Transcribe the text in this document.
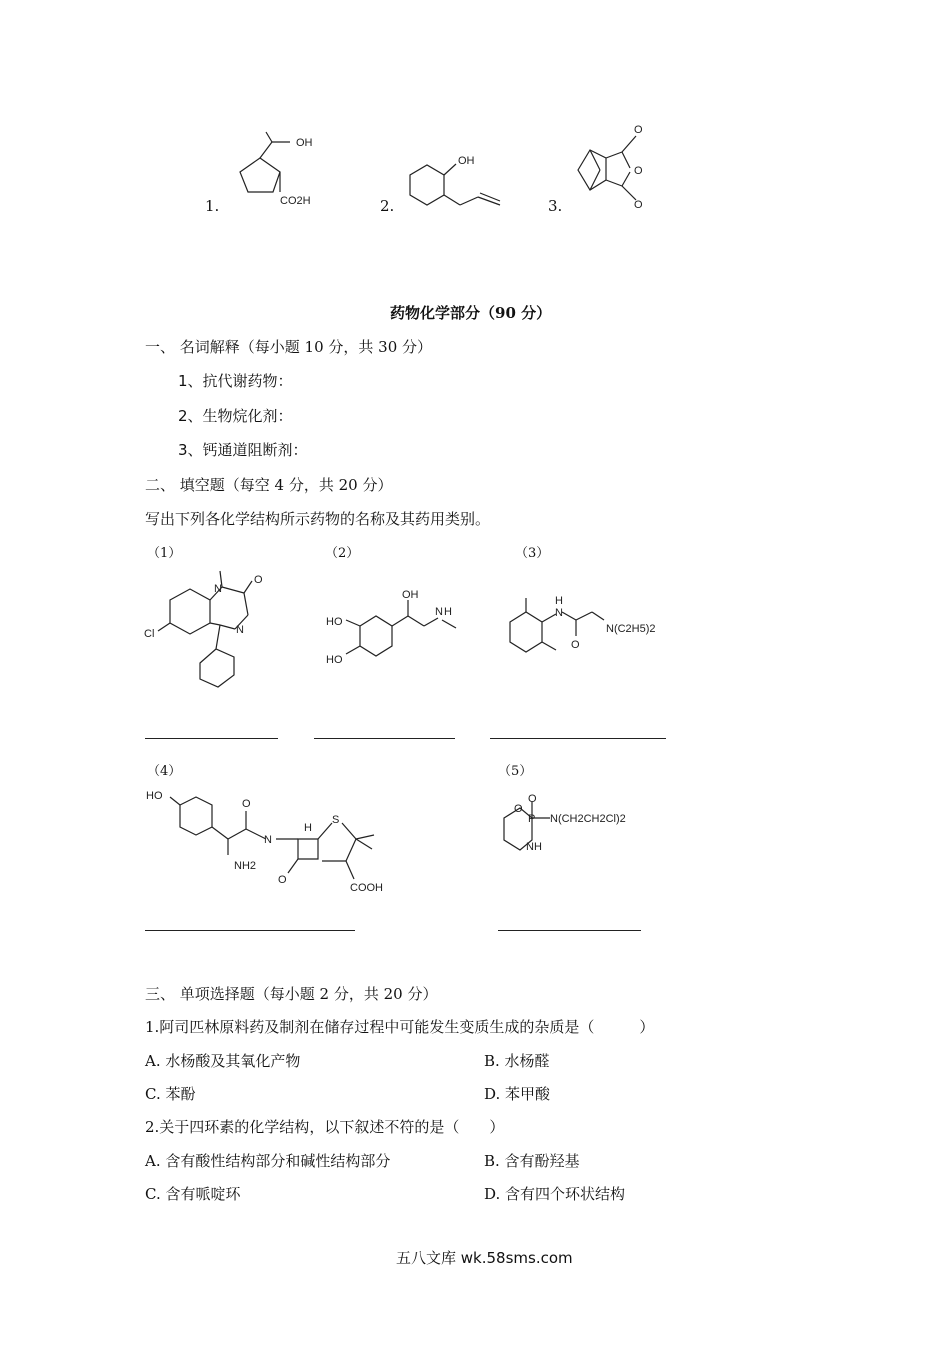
1.
OH
CO2H	2.
OH
3.
O
O
O
药物化学部分（90 分）
一、 名词解释（每小题 10 分，共 30 分）
1、抗代谢药物：
2、生物烷化剂：
3、钙通道阻断剂：
二、 填空题（每空 4 分，共 20 分）
写出下列各化学结构所示药物的名称及其药用类别。
（1）	（2）	（3）
N
O
Cl	N
HO
HO
OH
N H
H
N
O
N(C2H5)2
（4）	（5）
HO
O
NH2
N
H
S
O
COOH
O
O
P N(CH2CH2Cl)2
NH
三、 单项选择题（每小题 2 分，共 20 分）
1.阿司匹林原料药及制剂在储存过程中可能发生变质生成的杂质是（　　　）
A. 水杨酸及其氧化产物	B. 水杨醛
C. 苯酚	D. 苯甲酸
2.关于四环素的化学结构，以下叙述不符的是（　　）
A. 含有酸性结构部分和碱性结构部分	B. 含有酚羟基
C. 含有哌啶环	D. 含有四个环状结构
五八文库 wk.58sms.com
